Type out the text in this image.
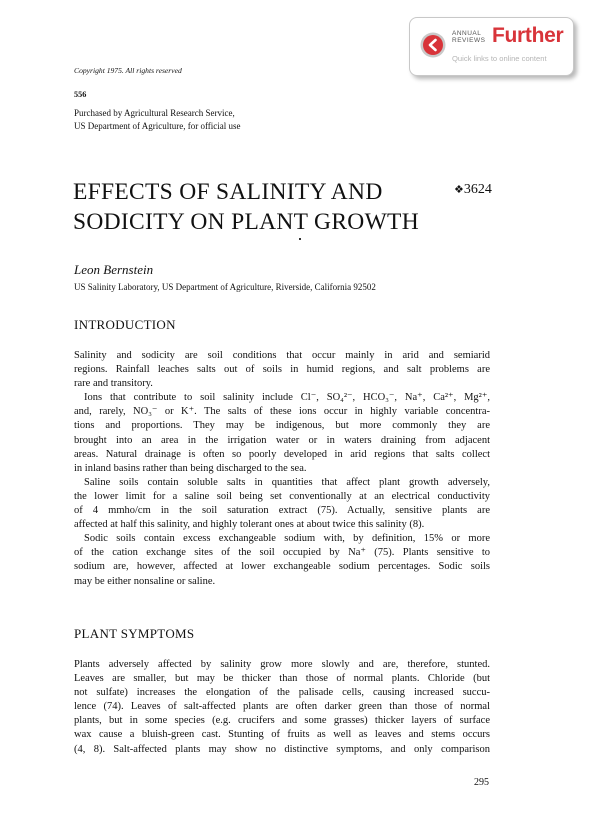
ANNUAL
REVIEWS Further
Quick links to online content
Copyright 1975. All rights reserved
556
Purchased by Agricultural Research Service,
US Department of Agriculture, for official use
EFFECTS OF SALINITY AND
SODICITY ON PLANT GROWTH
❖3624
Leon Bernstein
US Salinity Laboratory, US Department of Agriculture, Riverside, California 92502
INTRODUCTION
Salinity and sodicity are soil conditions that occur mainly in arid and semiarid
regions. Rainfall leaches salts out of soils in humid regions, and salt problems are
rare and transitory.
Ions that contribute to soil salinity include Cl⁻, SO₄²⁻, HCO₃⁻, Na⁺, Ca²⁺, Mg²⁺,
and, rarely, NO₃⁻ or K⁺. The salts of these ions occur in highly variable concentra-
tions and proportions. They may be indigenous, but more commonly they are
brought into an area in the irrigation water or in waters draining from adjacent
areas. Natural drainage is often so poorly developed in arid regions that salts collect
in inland basins rather than being discharged to the sea.
Saline soils contain soluble salts in quantities that affect plant growth adversely,
the lower limit for a saline soil being set conventionally at an electrical conductivity
of 4 mmho/cm in the soil saturation extract (75). Actually, sensitive plants are
affected at half this salinity, and highly tolerant ones at about twice this salinity (8).
Sodic soils contain excess exchangeable sodium with, by definition, 15% or more
of the cation exchange sites of the soil occupied by Na⁺ (75). Plants sensitive to
sodium are, however, affected at lower exchangeable sodium percentages. Sodic soils
may be either nonsaline or saline.
PLANT SYMPTOMS
Plants adversely affected by salinity grow more slowly and are, therefore, stunted.
Leaves are smaller, but may be thicker than those of normal plants. Chloride (but
not sulfate) increases the elongation of the palisade cells, causing increased succu-
lence (74). Leaves of salt-affected plants are often darker green than those of normal
plants, but in some species (e.g. crucifers and some grasses) thicker layers of surface
wax cause a bluish-green cast. Stunting of fruits as well as leaves and stems occurs
(4, 8). Salt-affected plants may show no distinctive symptoms, and only comparison
295
